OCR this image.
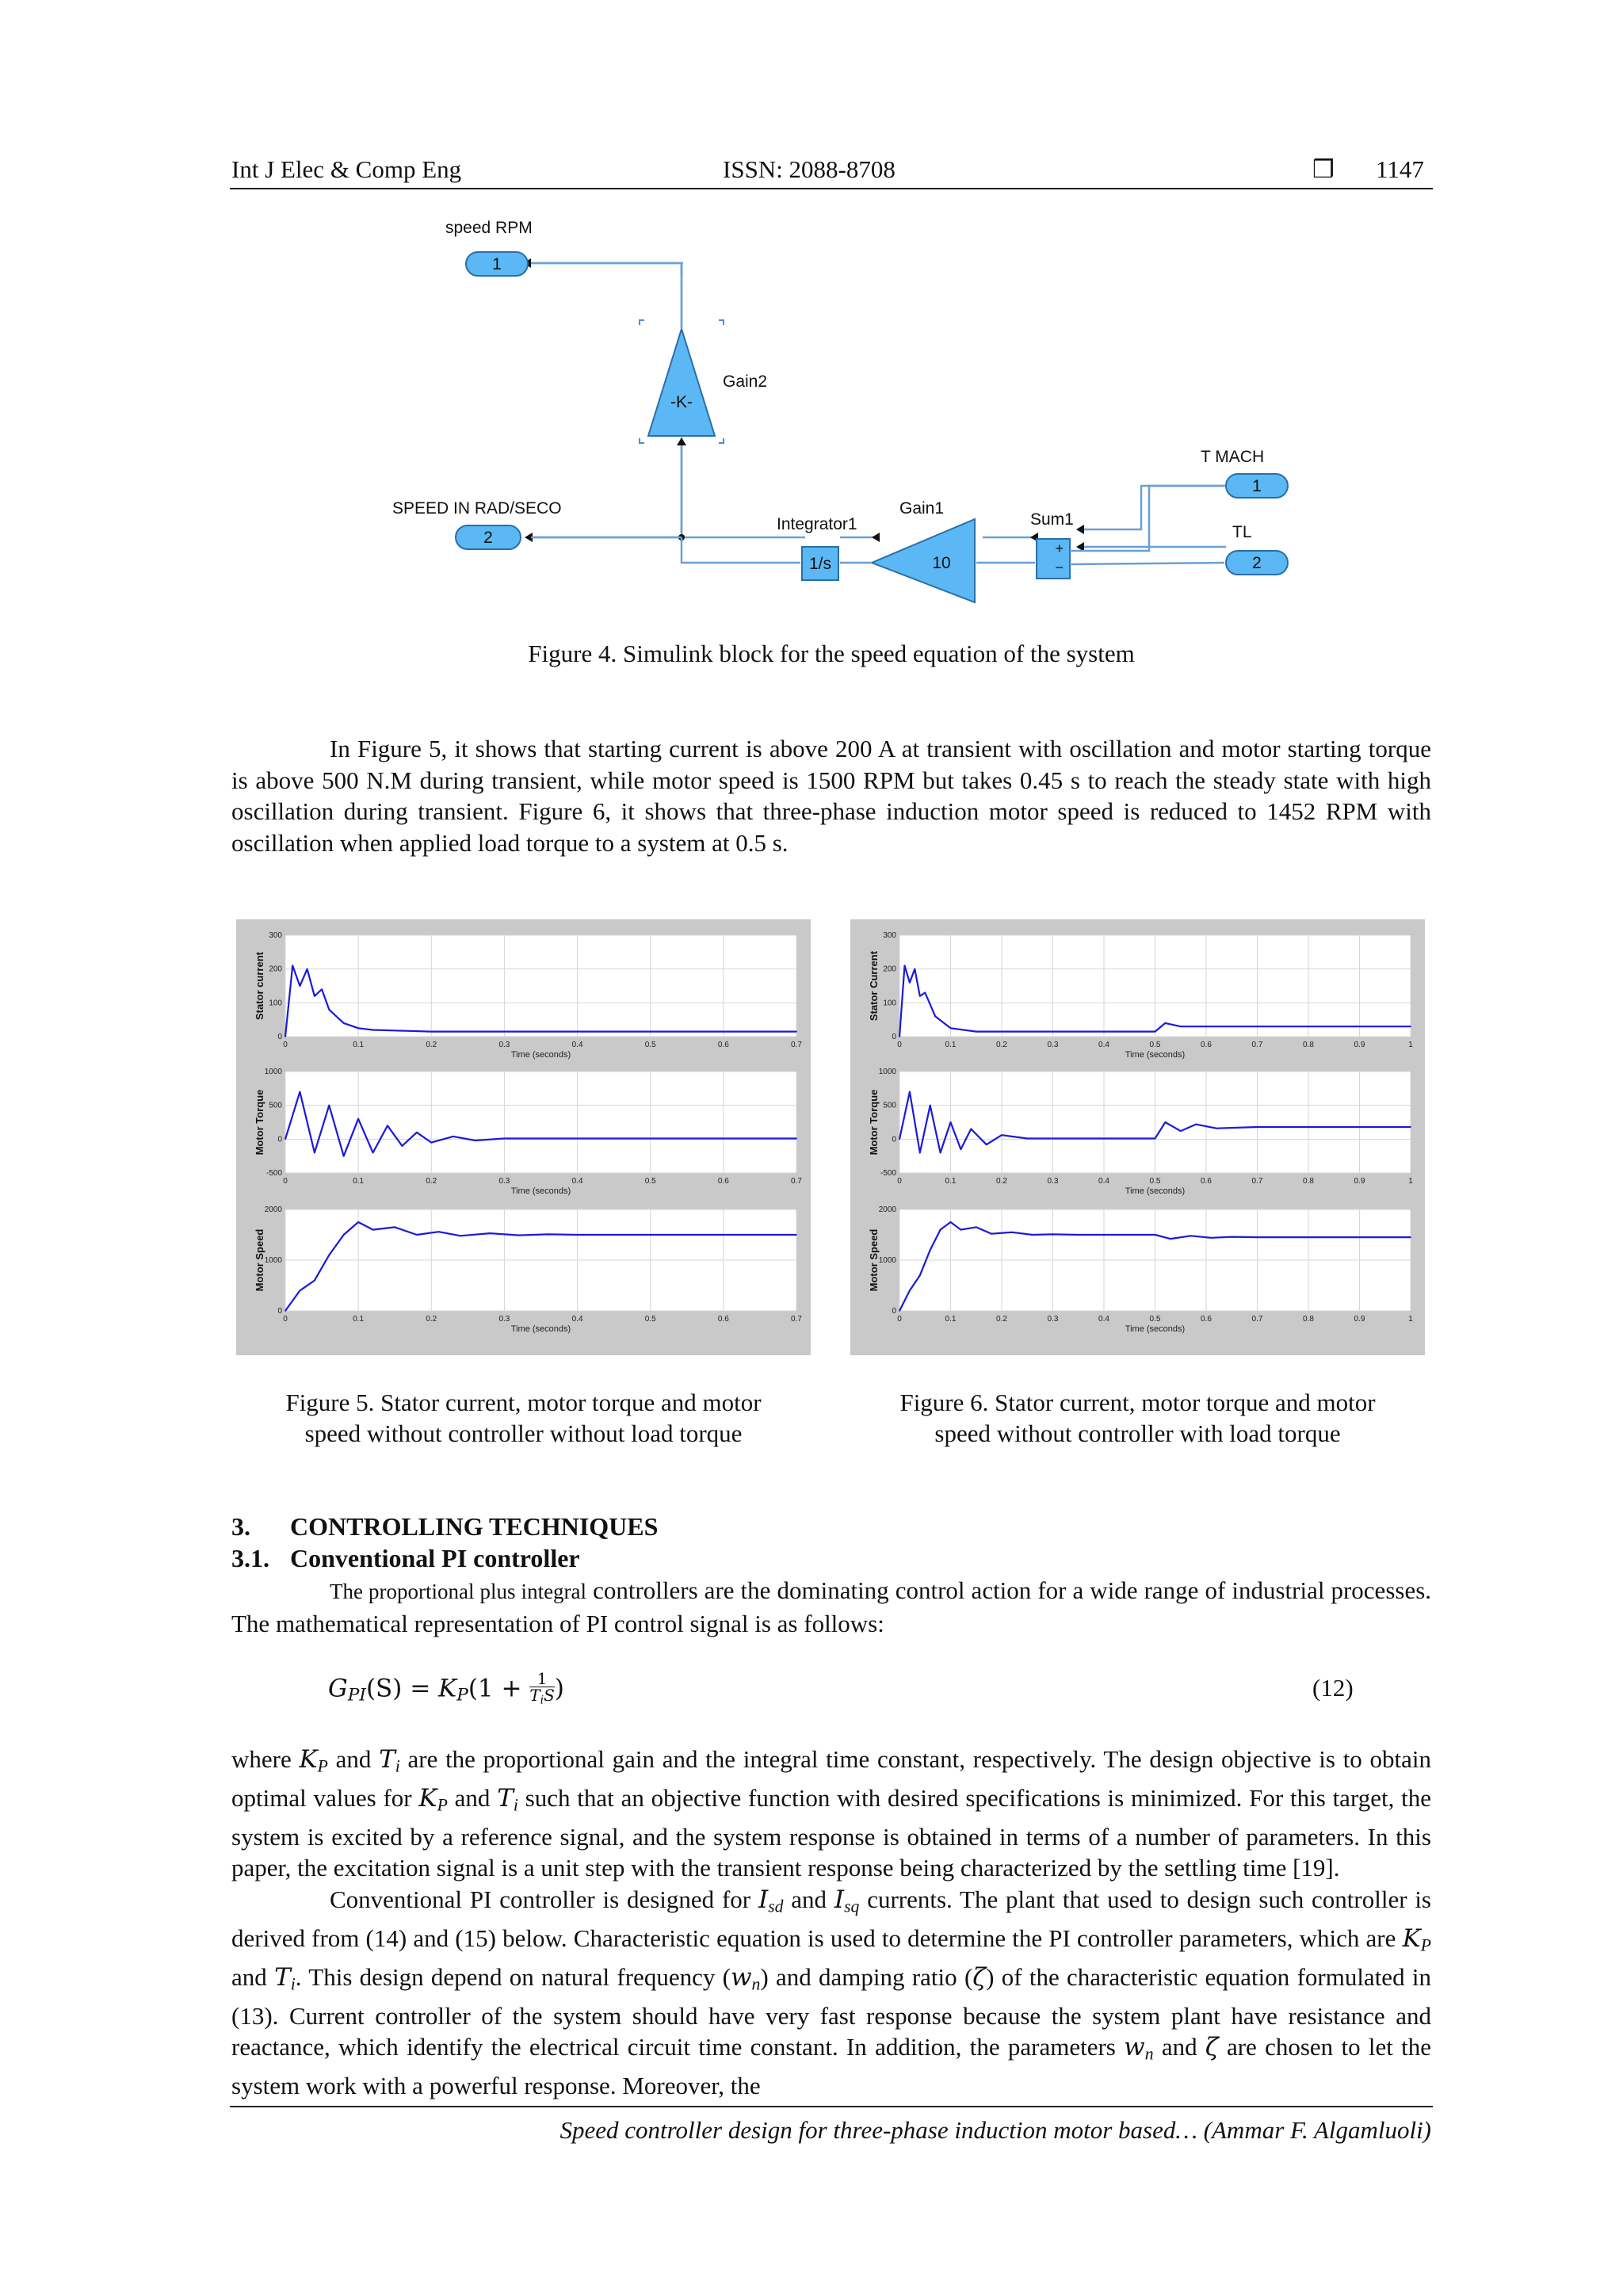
Int J Elec & Comp Eng	ISSN: 2088-8708	❒ 1147
speed RPM
1
-K-
Gain2
SPEED IN RAD/SECO
2
Integrator1
1/s	10
Gain1
Sum1
+
−
T MACH
1
TL
2
Figure 4. Simulink block for the speed equation of the system

In Figure 5, it shows that starting current is above 200 A at transient with oscillation and motor starting torque is above 500 N.M during transient, while motor speed is 1500 RPM but takes 0.45 s to reach the steady state with high oscillation during transient. Figure 6, it shows that three-phase induction motor speed is reduced to 1452 RPM with oscillation when applied load torque to a system at 0.5 s.

0	0.1	0.2	0.3	0.4	0.5	0.6	0.7
0
100
200
300
Time (seconds)
Stator current
0	0.1	0.2	0.3	0.4	0.5	0.6	0.7
-500
0
500
1000
Time (seconds)
Motor Torque
0	0.1	0.2	0.3	0.4	0.5	0.6	0.7
0
1000
2000
Time (seconds)
Motor Speed
0	0.1	0.2	0.3	0.4	0.5	0.6	0.7	0.8	0.9	1
0
100
200
300
Time (seconds)
Stator Current
0	0.1	0.2	0.3	0.4	0.5	0.6	0.7	0.8	0.9	1
-500
0
500
1000
Time (seconds)
Motor Torque
0	0.1	0.2	0.3	0.4	0.5	0.6	0.7	0.8	0.9	1
0
1000
2000
Time (seconds)
Motor Speed
Figure 5. Stator current, motor torque and motor
speed without controller without load torque
Figure 6. Stator current, motor torque and motor
speed without controller with load torque
3. CONTROLLING TECHNIQUES
3.1. Conventional PI controller

The proportional plus integral controllers are the dominating control action for a wide range of industrial processes. The mathematical representation of PI control signal is as follows:

$G_{PI}(S) = K_P(1 + 1$
$T_iS$ )	(12)

where $K_P$ and $T_i$ are the proportional gain and the integral time constant, respectively. The design objective is to obtain optimal values for $K_P$ and $T_i$ such that an objective function with desired specifications is minimized. For this target, the system is excited by a reference signal, and the system response is obtained in terms of a number of parameters. In this paper, the excitation signal is a unit step with the transient response being characterized by the settling time [19].

Conventional PI controller is designed for $I_{sd}$ and $I_{sq}$ currents. The plant that used to design such controller is derived from (14) and (15) below. Characteristic equation is used to determine the PI controller parameters, which are $K_P$ and $T_i$. This design depend on natural frequency $(w_n)$ and damping ratio (ζ) of the characteristic equation formulated in (13). Current controller of the system should have very fast response because the system plant have resistance and reactance, which identify the electrical circuit time constant. In addition, the parameters $w_n$ and ζ are chosen to let the system work with a powerful response. Moreover, the

Speed controller design for three-phase induction motor based… (Ammar F. Algamluoli)
